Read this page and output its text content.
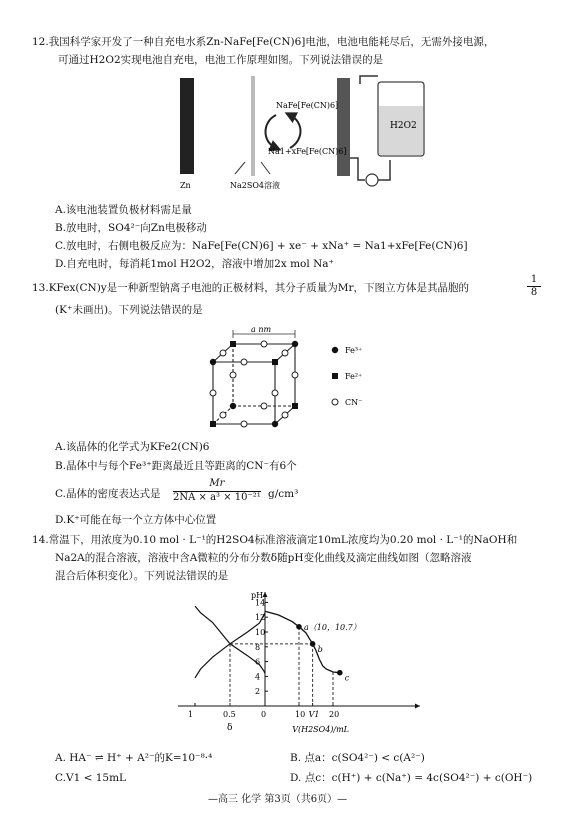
12.我国科学家开发了一种自充电水系Zn-NaFe[Fe(CN)6]电池，电池电能耗尽后，无需外接电源，
可通过H2O2实现电池自充电，电池工作原理如图。下列说法错误的是
NaFe[Fe(CN)6]
Na1+xFe[Fe(CN)6]
H2O2
Zn	Na2SO4溶液
A.该电池装置负极材料需足量
B.放电时，SO4²⁻向Zn电极移动
C.放电时，右侧电极反应为：NaFe[Fe(CN)6] + xe⁻ + xNa⁺ = Na1+xFe[Fe(CN)6]
D.自充电时，每消耗1mol H2O2，溶液中增加2x mol Na⁺
13.KFex(CN)y是一种新型钠离子电池的正极材料，其分子质量为Mr，下图立方体是其晶胞的	$\frac{1}{8}$
(K⁺未画出)。下列说法错误的是
a nm
Fe³⁺
Fe²⁺
CN⁻
A.该晶体的化学式为KFe2(CN)6
B.晶体中与每个Fe³⁺距离最近且等距离的CN⁻有6个
C.晶体的密度表达式是 $\frac{Mr}{\text{2NA × a³ × 10⁻²¹}} g/cm^3$
D.K⁺可能在每一个立方体中心位置
14.常温下，用浓度为0.10 mol · L⁻¹的H2SO4标准溶液滴定10mL浓度均为0.20 mol · L⁻¹的NaOH和
Na2A的混合溶液，溶液中含A微粒的分布分数δ随pH变化曲线及滴定曲线如图（忽略溶液
混合后体积变化）。下列说法错误的是
pH
2
4
6
8
10
12
14
0	10 V1 20
0.5
1
δ	V(H2SO4)/mL
a（10，10.7）
b
c
A. HA⁻ ⇌ H⁺ + A²⁻的K=10⁻⁸·⁴	B. 点a：c(SO4²⁻) < c(A²⁻)
C.V1 < 15mL	D. 点c：c(H⁺) + c(Na⁺) = 4c(SO4²⁻) + c(OH⁻)
—高三 化学 第3页（共6页）—
